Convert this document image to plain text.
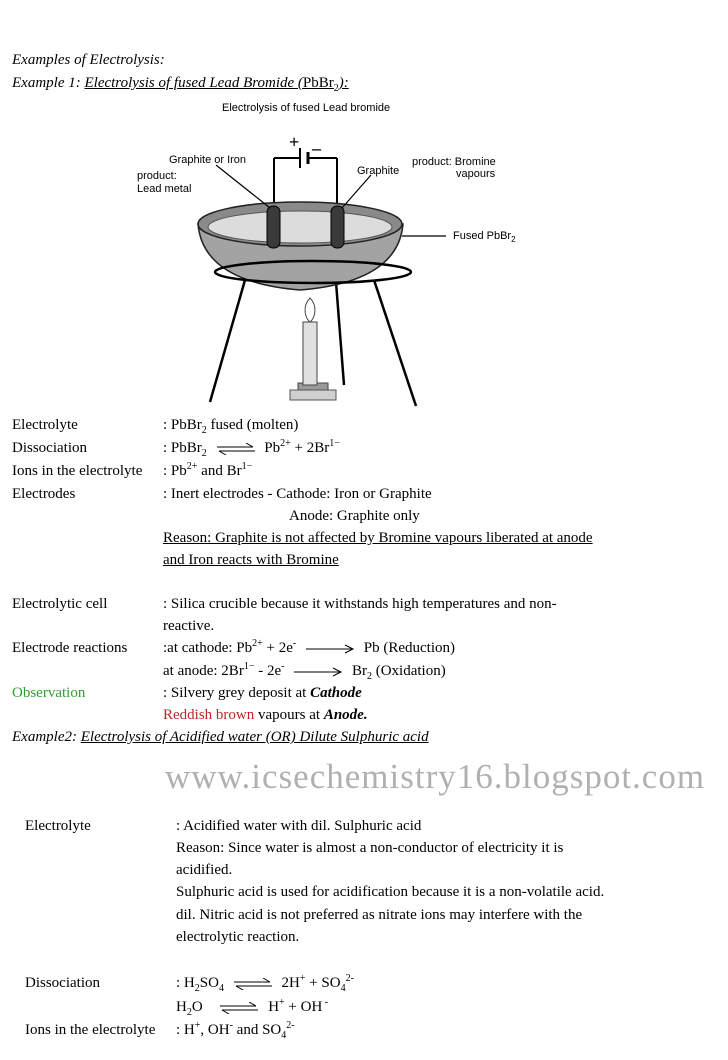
Examples of Electrolysis:
Example 1: Electrolysis of fused Lead Bromide (PbBr$_2$):
Electrolysis of fused Lead bromide
+ –
Graphite or Iron
product:
Lead metal
Graphite
product: Bromine
vapours
Fused PbBr$_2$
Electrolyte	: PbBr$_2$ fused (molten)
Dissociation	: PbBr$_2$ ⇌ $Pb^{2+} + 2Br^{1-}$
Ions in the electrolyte : $Pb^{2+}$ and $Br^{1-}$
Electrodes	: Inert electrodes - Cathode: Iron or Graphite
Anode: Graphite only
Reason: Graphite is not affected by Bromine vapours liberated at anode
and Iron reacts with Bromine
Electrolytic cell	: Silica crucible because it withstands high temperatures and non-
reactive.
Electrode reactions :at cathode: $Pb^{2+} + 2e^- \to Pb$ (Reduction)
at anode: $2Br^{1-} - 2e^- \to Br_2$ (Oxidation)
Observation	: Silvery grey deposit at Cathode
Reddish brown vapours at Anode.
Example2: Electrolysis of Acidified water (OR) Dilute Sulphuric acid
www.icsechemistry16.blogspot.com
Electrolyte	: Acidified water with dil. Sulphuric acid
Reason: Since water is almost a non-conductor of electricity it is
acidified.
Sulphuric acid is used for acidification because it is a non-volatile acid.
dil. Nitric acid is not preferred as nitrate ions may interfere with the
electrolytic reaction.
Dissociation	: $H_2SO_4$ ⇌ $2H^+ + SO_4^{2-}$
$H_2O$ ⇌ H+ + OH -
Ions in the electrolyte : H+, OH- and $SO_4^{2-}$
